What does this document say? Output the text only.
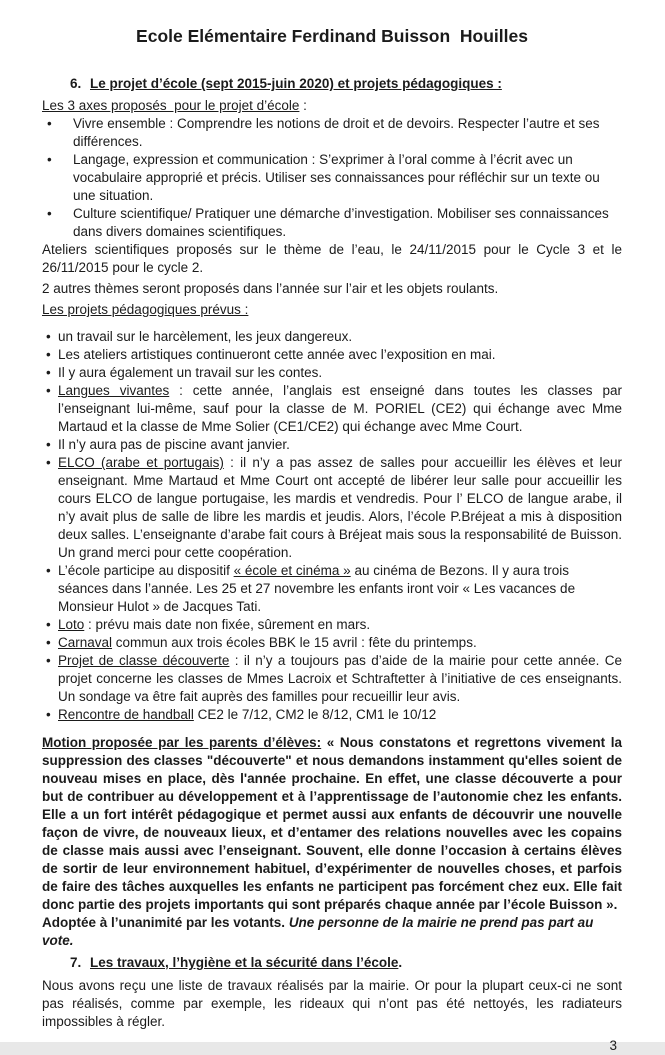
Ecole Elémentaire Ferdinand Buisson  Houilles

6. Le projet d’école (sept 2015-juin 2020) et projets pédagogiques :

Les 3 axes proposés  pour le projet d’école :

• Vivre ensemble : Comprendre les notions de droit et de devoirs. Respecter l’autre et ses différences.
• Langage, expression et communication : S’exprimer à l’oral comme à l’écrit avec un vocabulaire approprié et précis. Utiliser ses connaissances pour réfléchir sur un texte ou une situation.
• Culture scientifique/ Pratiquer une démarche d’investigation. Mobiliser ses connaissances dans divers domaines scientifiques.

Ateliers scientifiques proposés sur le thème de l’eau, le 24/11/2015 pour le Cycle 3 et le 26/11/2015 pour le cycle 2.

2 autres thèmes seront proposés dans l’année sur l’air et les objets roulants.

Les projets pédagogiques prévus :

• un travail sur le harcèlement, les jeux dangereux.
• Les ateliers artistiques continueront cette année avec l’exposition en mai.
• Il y aura également un travail sur les contes.
• Langues vivantes : cette année, l’anglais est enseigné dans toutes les classes par l’enseignant lui-même, sauf pour la classe de M. PORIEL (CE2) qui échange avec Mme Martaud et la classe de Mme Solier (CE1/CE2) qui échange avec Mme Court.
• Il n’y aura pas de piscine avant janvier.
• ELCO (arabe et portugais) : il n’y a pas assez de salles pour accueillir les élèves et leur enseignant. Mme Martaud et Mme Court ont accepté de libérer leur salle pour accueillir les cours ELCO de langue portugaise, les mardis et vendredis. Pour l’ ELCO de langue arabe, il n’y avait plus de salle de libre les mardis et jeudis. Alors, l’école P.Bréjeat a mis à disposition deux salles. L’enseignante d’arabe fait cours à Bréjeat mais sous la responsabilité de Buisson. Un grand merci pour cette coopération.
• L’école participe au dispositif « école et cinéma » au cinéma de Bezons. Il y aura trois séances dans l’année. Les 25 et 27 novembre les enfants iront voir « Les vacances de Monsieur Hulot » de Jacques Tati.
• Loto : prévu mais date non fixée, sûrement en mars.
• Carnaval commun aux trois écoles BBK le 15 avril : fête du printemps.
• Projet de classe découverte : il n’y a toujours pas d’aide de la mairie pour cette année. Ce projet concerne les classes de Mmes Lacroix et Schtraftetter à l’initiative de ces enseignants. Un sondage va être fait auprès des familles pour recueillir leur avis.
• Rencontre de handball CE2 le 7/12, CM2 le 8/12, CM1 le 10/12

Motion proposée par les parents d’élèves: « Nous constatons et regrettons vivement la suppression des classes "découverte" et nous demandons instamment qu'elles soient de nouveau mises en place, dès l'année prochaine. En effet, une classe découverte a pour but de contribuer au développement et à l’apprentissage de l’autonomie chez les enfants. Elle a un fort intérêt pédagogique et permet aussi aux enfants de découvrir une nouvelle façon de vivre, de nouveaux lieux, et d’entamer des relations nouvelles avec les copains de classe mais aussi avec l’enseignant. Souvent, elle donne l’occasion à certains élèves de sortir de leur environnement habituel, d’expérimenter de nouvelles choses, et parfois de faire des tâches auxquelles les enfants ne participent pas forcément chez eux. Elle fait donc partie des projets importants qui sont préparés chaque année par l’école Buisson ».

Adoptée à l’unanimité par les votants. Une personne de la mairie ne prend pas part au vote.

7. Les travaux, l’hygiène et la sécurité dans l’école.

Nous avons reçu une liste de travaux réalisés par la mairie. Or pour la plupart ceux-ci ne sont pas réalisés, comme par exemple, les rideaux qui n’ont pas été nettoyés, les radiateurs impossibles à régler.

3
